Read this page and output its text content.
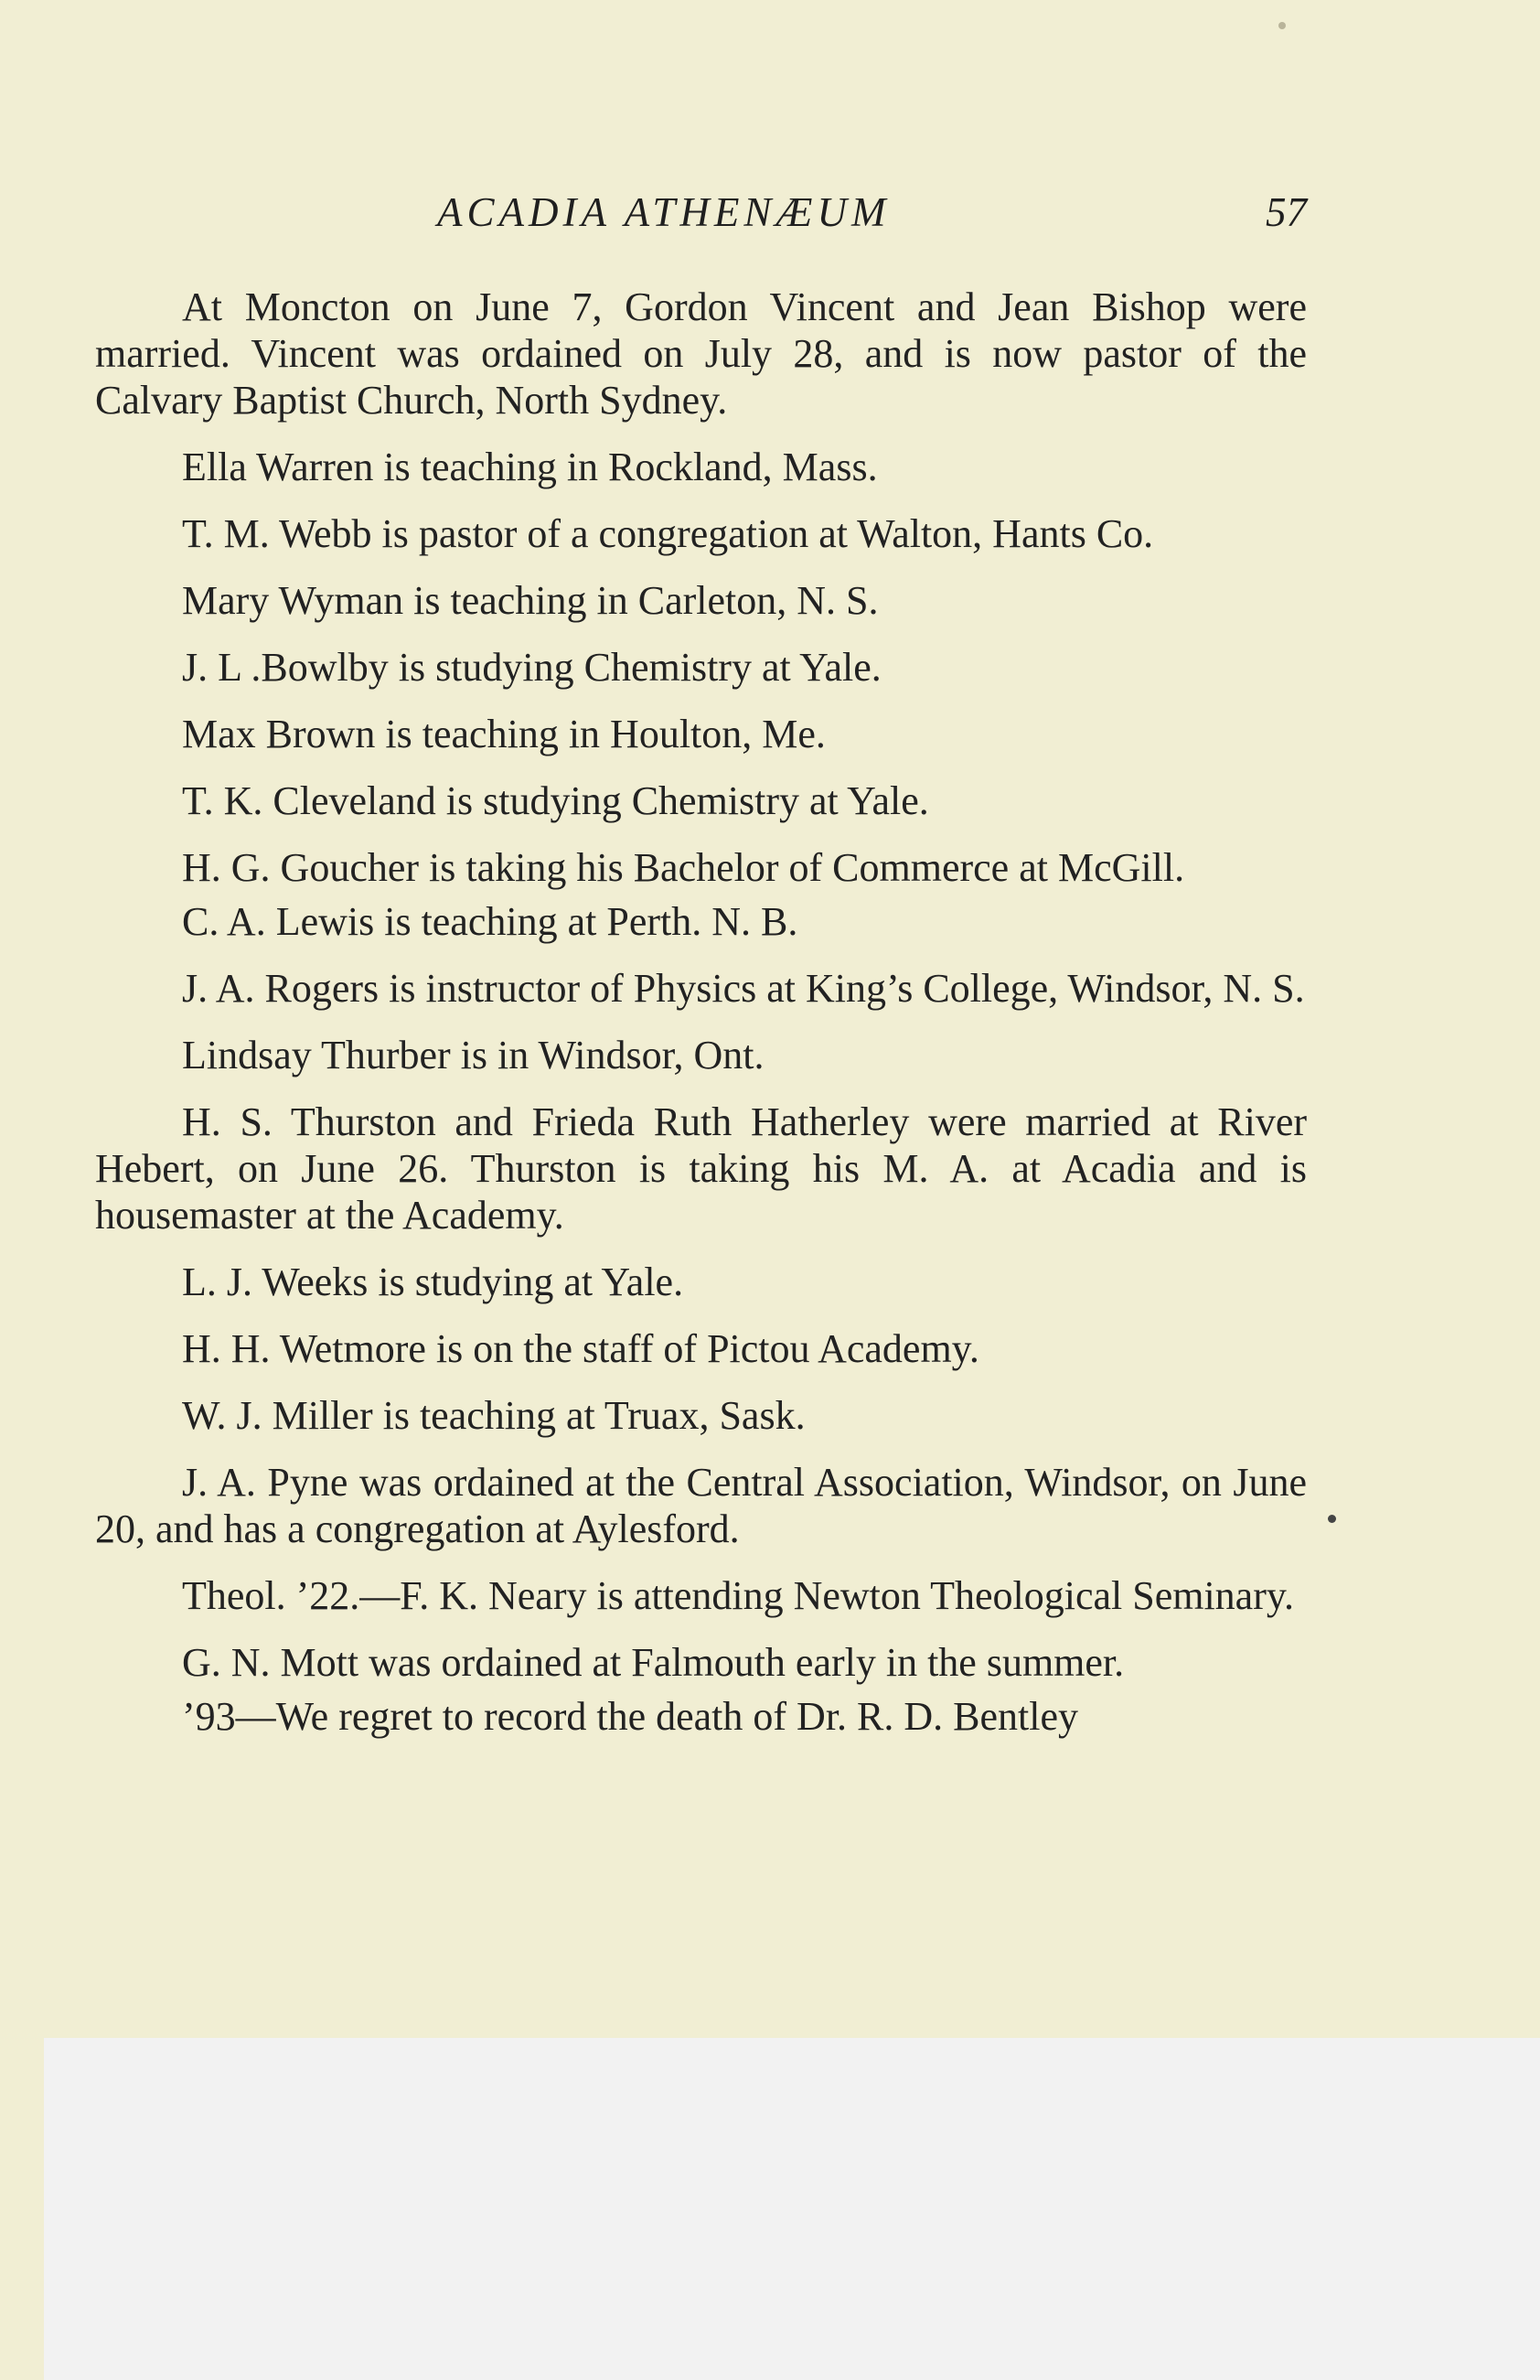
ACADIA ATHENÆUM	57

At Moncton on June 7, Gordon Vincent and Jean Bishop were married. Vincent was ordained on July 28, and is now pastor of the Calvary Baptist Church, North Sydney.

Ella Warren is teaching in Rockland, Mass.

T. M. Webb is pastor of a congregation at Walton, Hants Co.

Mary Wyman is teaching in Carleton, N. S.

J. L .Bowlby is studying Chemistry at Yale.

Max Brown is teaching in Houlton, Me.

T. K. Cleveland is studying Chemistry at Yale.

H. G. Goucher is taking his Bachelor of Commerce at McGill.

C. A. Lewis is teaching at Perth. N. B.

J. A. Rogers is instructor of Physics at King’s College, Windsor, N. S.

Lindsay Thurber is in Windsor, Ont.

H. S. Thurston and Frieda Ruth Hatherley were married at River Hebert, on June 26. Thurston is taking his M. A. at Acadia and is housemaster at the Academy.

L. J. Weeks is studying at Yale.

H. H. Wetmore is on the staff of Pictou Academy.

W. J. Miller is teaching at Truax, Sask.

J. A. Pyne was ordained at the Central Association, Windsor, on June 20, and has a congregation at Aylesford.

Theol. ’22.—F. K. Neary is attending Newton Theological Seminary.

G. N. Mott was ordained at Falmouth early in the summer.

’93—We regret to record the death of Dr. R. D. Bentley
